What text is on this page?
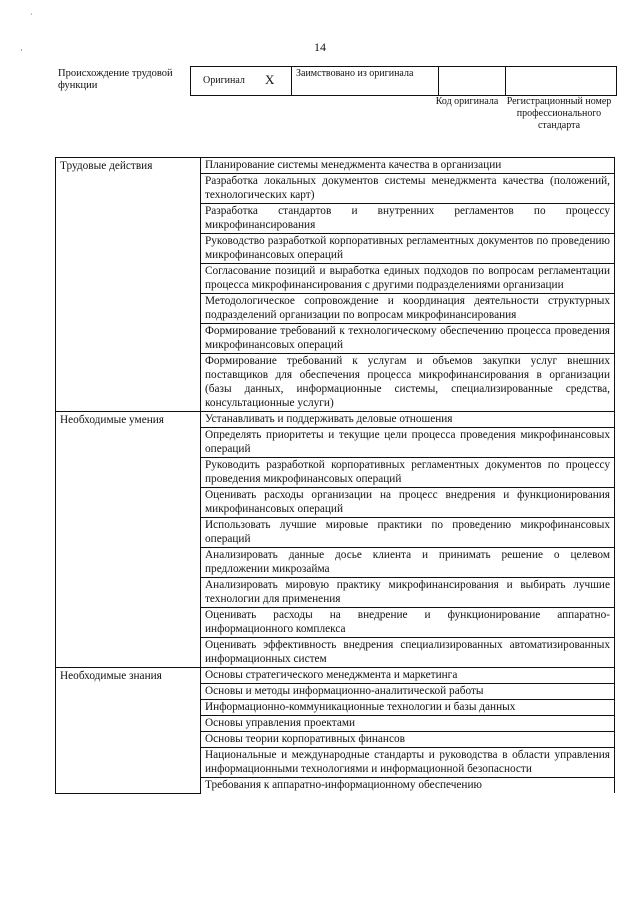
˙
·	14
Происхождение трудовой функции	Оригинал X	Заимствовано из оригинала		
Код оригинала Регистрационный номер профессионального стандарта
Трудовые действия	Планирование системы менеджмента качества в организации
	Разработка локальных документов системы менеджмента качества (положений, технологических карт)
	Разработка стандартов и внутренних регламентов по процессу микрофинансирования
	Руководство разработкой корпоративных регламентных документов по проведению микрофинансовых операций
	Согласование позиций и выработка единых подходов по вопросам регламентации процесса микрофинансирования с другими подразделениями организации
	Методологическое сопровождение и координация деятельности структурных подразделений организации по вопросам микрофинансирования
	Формирование требований к технологическому обеспечению процесса проведения микрофинансовых операций
	Формирование требований к услугам и объемов закупки услуг внешних поставщиков для обеспечения процесса микрофинансирования в организации (базы данных, информационные системы, специализированные средства, консультационные услуги)
Необходимые умения	Устанавливать и поддерживать деловые отношения
	Определять приоритеты и текущие цели процесса проведения микрофинансовых операций
	Руководить разработкой корпоративных регламентных документов по процессу проведения микрофинансовых операций
	Оценивать расходы организации на процесс внедрения и функционирования микрофинансовых операций
	Использовать лучшие мировые практики по проведению микрофинансовых операций
	Анализировать данные досье клиента и принимать решение о целевом предложении микрозайма
	Анализировать мировую практику микрофинансирования и выбирать лучшие технологии для применения
	Оценивать расходы на внедрение и функционирование аппаратно-информационного комплекса
	Оценивать эффективность внедрения специализированных автоматизированных информационных систем
Необходимые знания	Основы стратегического менеджмента и маркетинга
	Основы и методы информационно-аналитической работы
	Информационно-коммуникационные технологии и базы данных
	Основы управления проектами
	Основы теории корпоративных финансов
	Национальные и международные стандарты и руководства в области управления информационными технологиями и информационной безопасности
	Требования к аппаратно-информационному обеспечению
